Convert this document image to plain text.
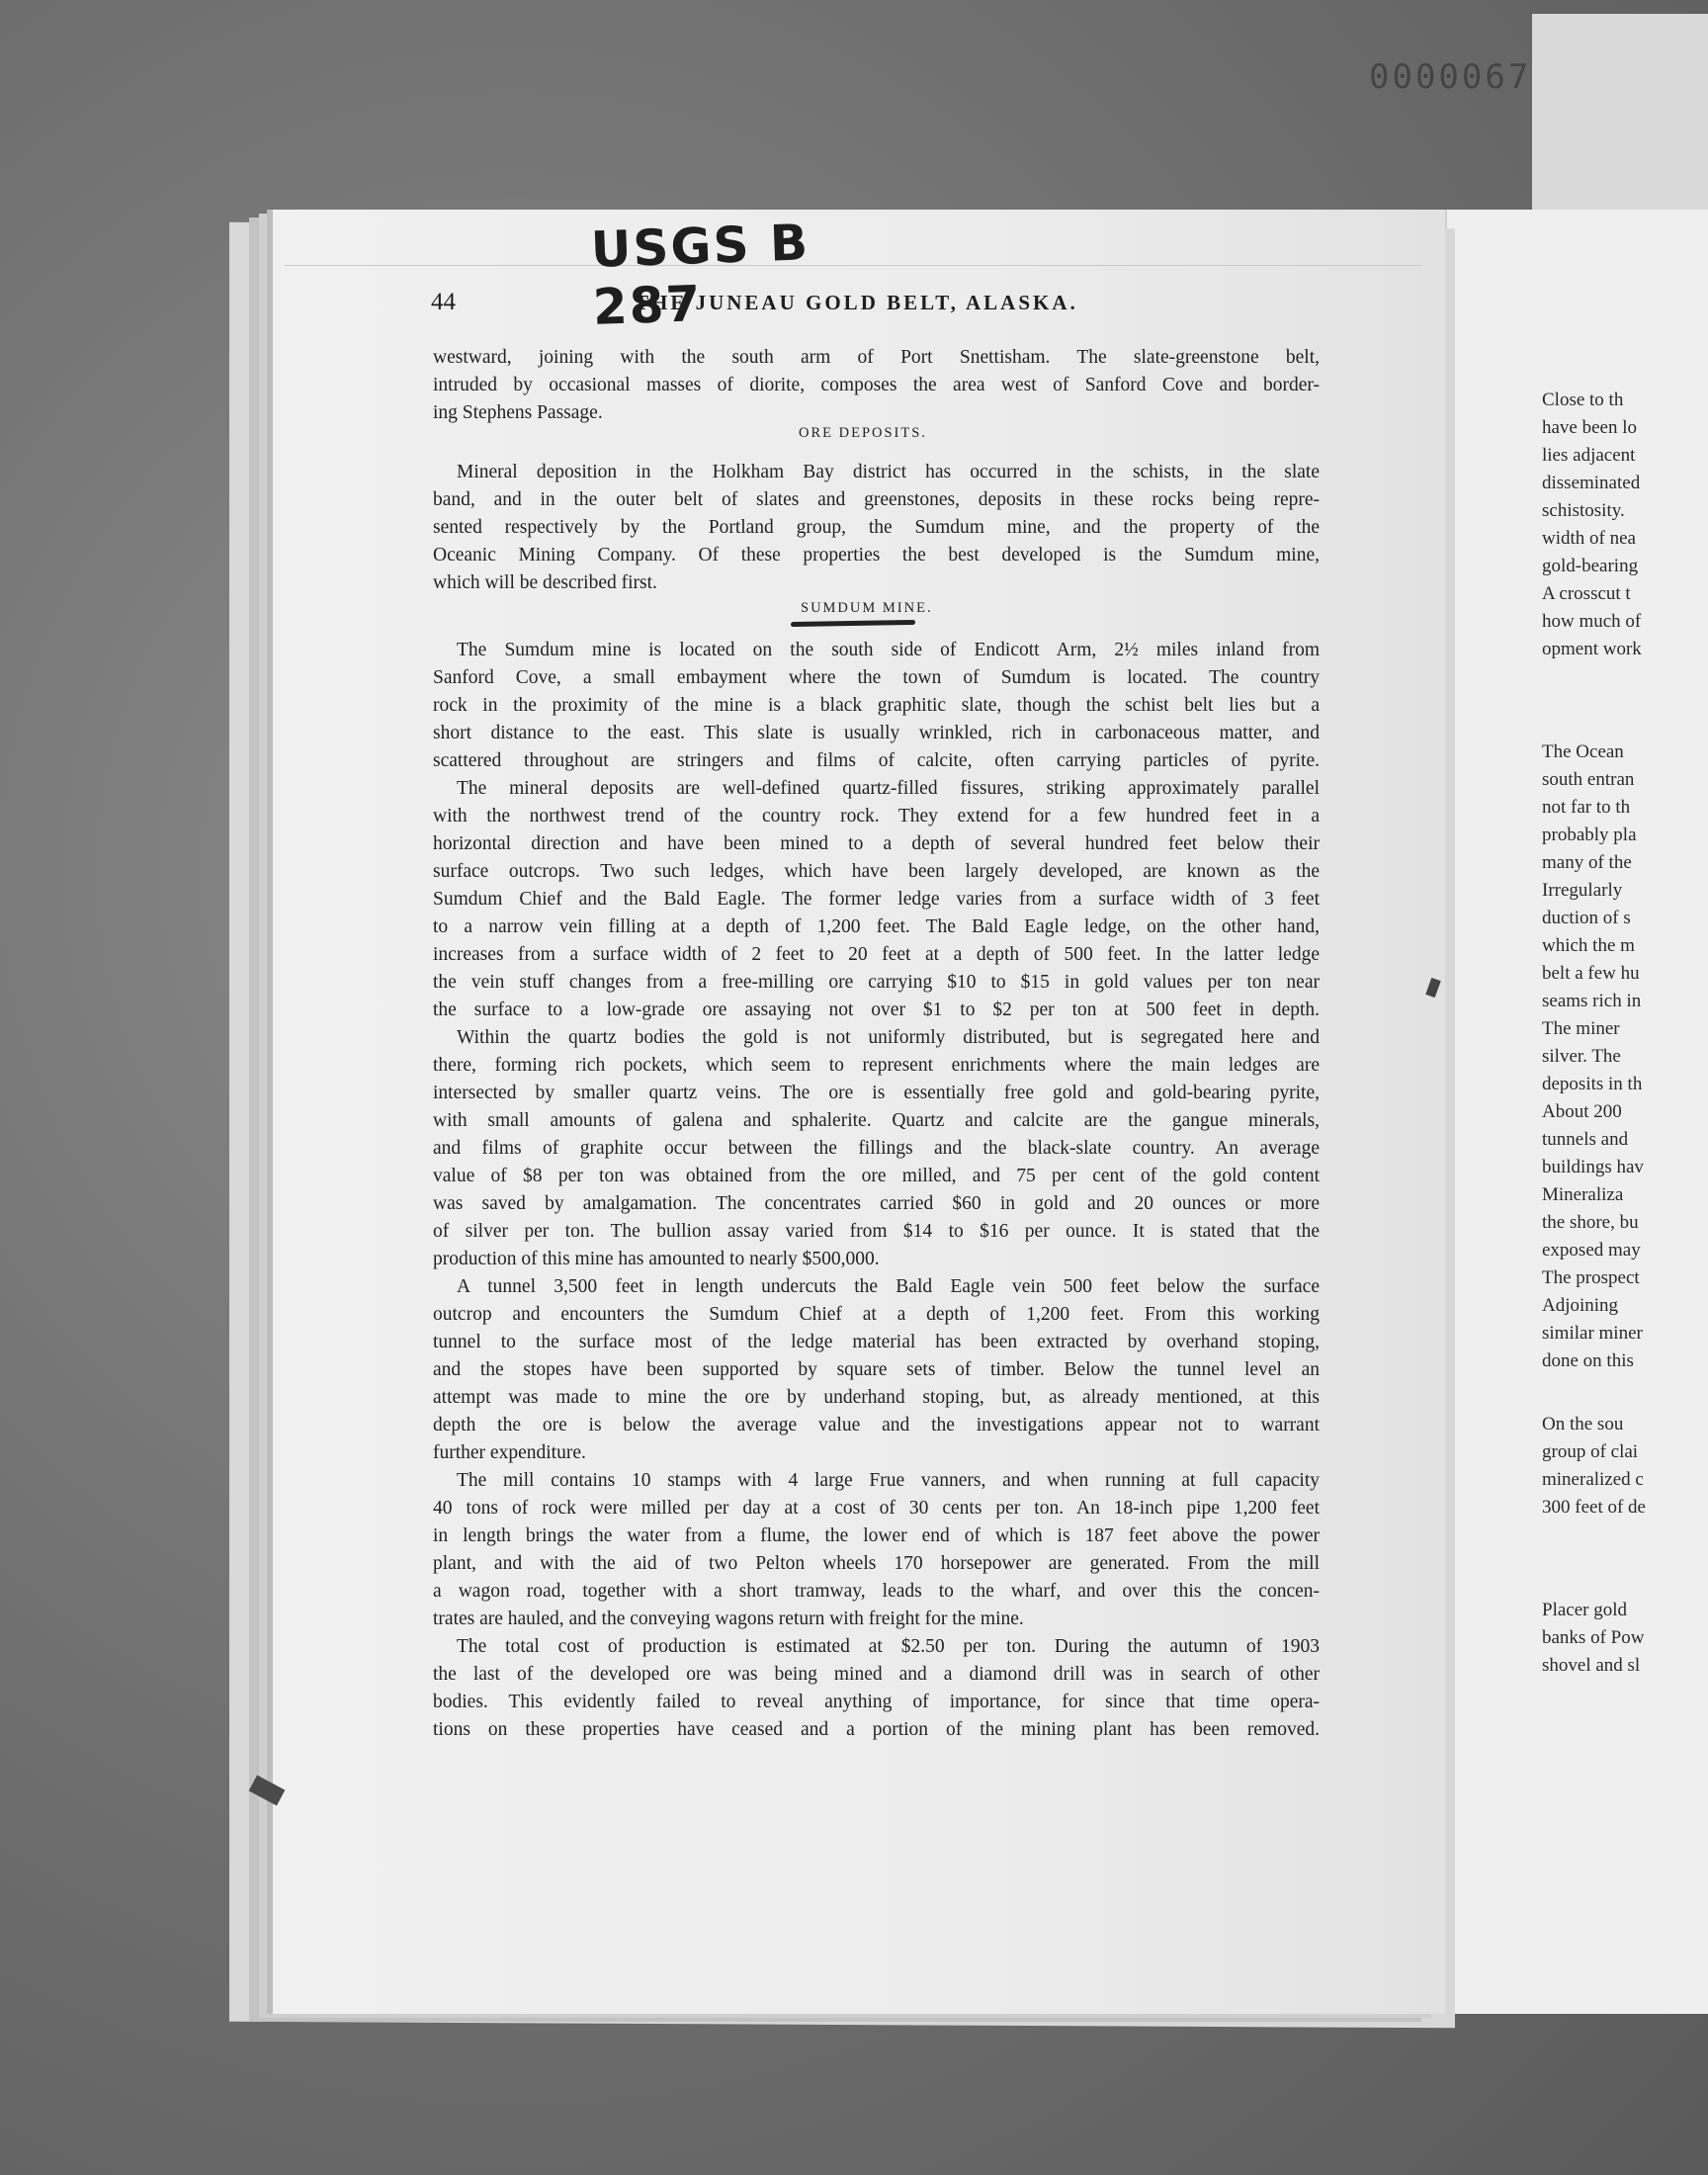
0000067
Close to th
have been lo
lies adjacent
disseminated
schistosity.
width of nea
gold-bearing
A crosscut t
how much of
opment work
The Ocean
south entran
not far to th
probably pla
many of the
Irregularly
duction of s
which the m
belt a few hu
seams rich in
The miner
silver. The
deposits in th
About 200
tunnels and
buildings hav
Mineraliza
the shore, bu
exposed may
The prospect
Adjoining
similar miner
done on this
On the sou
group of clai
mineralized c
300 feet of de
Placer gold
banks of Pow
shovel and sl
USGS B 287
44	THE JUNEAU GOLD BELT, ALASKA.
ORE DEPOSITS.
SUMDUM MINE.
westward, joining with the south arm of Port Snettisham. The slate-greenstone belt,
intruded by occasional masses of diorite, composes the area west of Sanford Cove and border-
ing Stephens Passage.
Mineral deposition in the Holkham Bay district has occurred in the schists, in the slate
band, and in the outer belt of slates and greenstones, deposits in these rocks being repre-
sented respectively by the Portland group, the Sumdum mine, and the property of the
Oceanic Mining Company. Of these properties the best developed is the Sumdum mine,
which will be described first.
The Sumdum mine is located on the south side of Endicott Arm, 2½ miles inland from
Sanford Cove, a small embayment where the town of Sumdum is located. The country
rock in the proximity of the mine is a black graphitic slate, though the schist belt lies but a
short distance to the east. This slate is usually wrinkled, rich in carbonaceous matter, and
scattered throughout are stringers and films of calcite, often carrying particles of pyrite.
The mineral deposits are well-defined quartz-filled fissures, striking approximately parallel
with the northwest trend of the country rock. They extend for a few hundred feet in a
horizontal direction and have been mined to a depth of several hundred feet below their
surface outcrops. Two such ledges, which have been largely developed, are known as the
Sumdum Chief and the Bald Eagle. The former ledge varies from a surface width of 3 feet
to a narrow vein filling at a depth of 1,200 feet. The Bald Eagle ledge, on the other hand,
increases from a surface width of 2 feet to 20 feet at a depth of 500 feet. In the latter ledge
the vein stuff changes from a free-milling ore carrying $10 to $15 in gold values per ton near
the surface to a low-grade ore assaying not over $1 to $2 per ton at 500 feet in depth.
Within the quartz bodies the gold is not uniformly distributed, but is segregated here and
there, forming rich pockets, which seem to represent enrichments where the main ledges are
intersected by smaller quartz veins. The ore is essentially free gold and gold-bearing pyrite,
with small amounts of galena and sphalerite. Quartz and calcite are the gangue minerals,
and films of graphite occur between the fillings and the black-slate country. An average
value of $8 per ton was obtained from the ore milled, and 75 per cent of the gold content
was saved by amalgamation. The concentrates carried $60 in gold and 20 ounces or more
of silver per ton. The bullion assay varied from $14 to $16 per ounce. It is stated that the
production of this mine has amounted to nearly $500,000.
A tunnel 3,500 feet in length undercuts the Bald Eagle vein 500 feet below the surface
outcrop and encounters the Sumdum Chief at a depth of 1,200 feet. From this working
tunnel to the surface most of the ledge material has been extracted by overhand stoping,
and the stopes have been supported by square sets of timber. Below the tunnel level an
attempt was made to mine the ore by underhand stoping, but, as already mentioned, at this
depth the ore is below the average value and the investigations appear not to warrant
further expenditure.
The mill contains 10 stamps with 4 large Frue vanners, and when running at full capacity
40 tons of rock were milled per day at a cost of 30 cents per ton. An 18-inch pipe 1,200 feet
in length brings the water from a flume, the lower end of which is 187 feet above the power
plant, and with the aid of two Pelton wheels 170 horsepower are generated. From the mill
a wagon road, together with a short tramway, leads to the wharf, and over this the concen-
trates are hauled, and the conveying wagons return with freight for the mine.
The total cost of production is estimated at $2.50 per ton. During the autumn of 1903
the last of the developed ore was being mined and a diamond drill was in search of other
bodies. This evidently failed to reveal anything of importance, for since that time opera-
tions on these properties have ceased and a portion of the mining plant has been removed.
